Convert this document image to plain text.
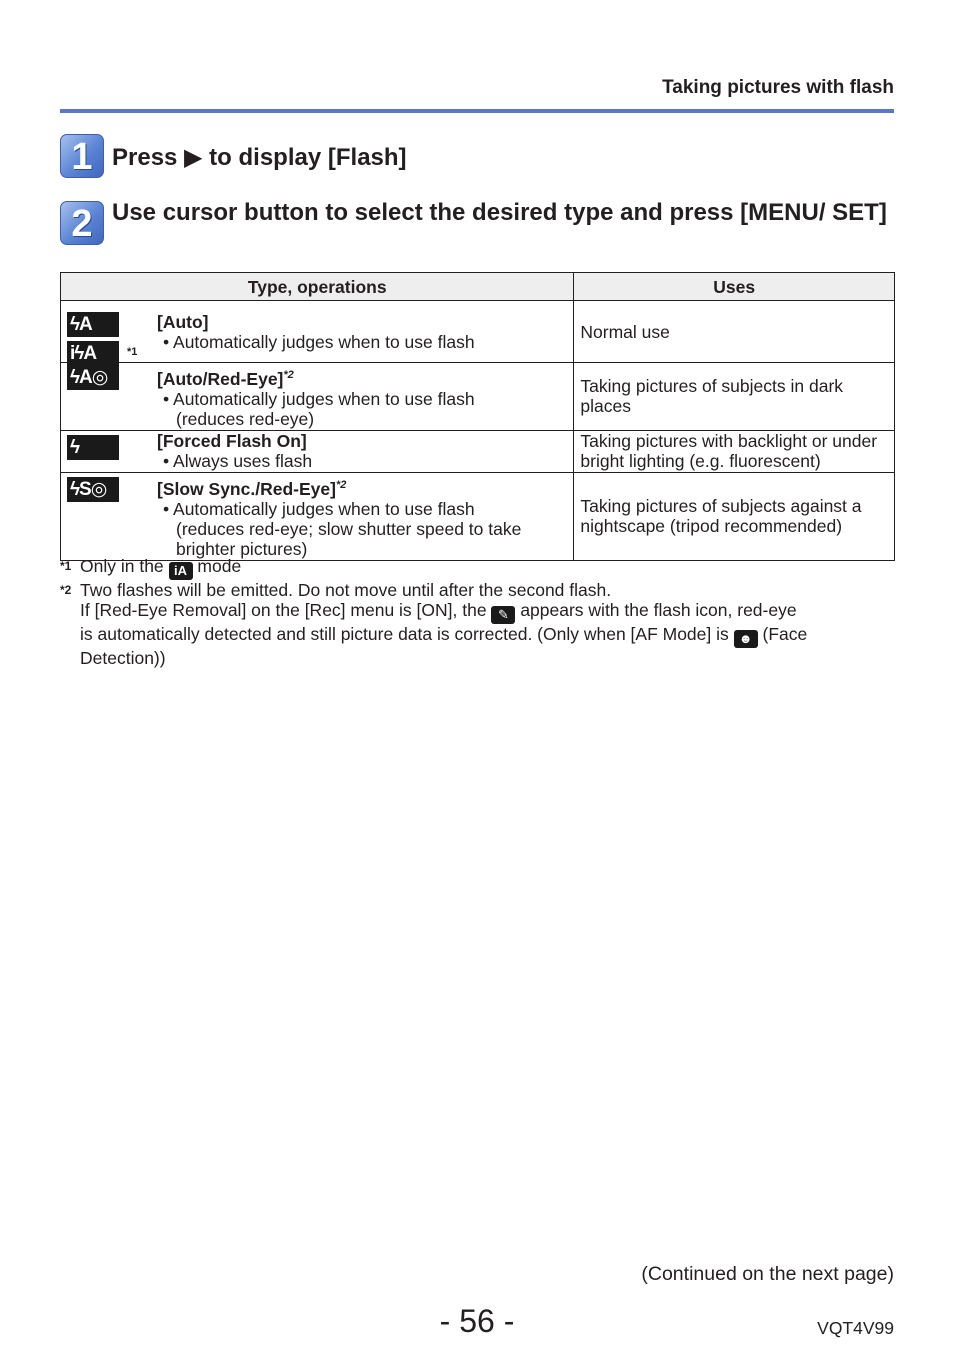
Taking pictures with flash
1 Press ▶ to display [Flash]
2 Use cursor button to select the desired type and press [MENU/ SET]
Type, operations	Uses

ϟA
iϟA *1
[Auto]
• Automatically judges when to use flash	Normal use

ϟA◎ [Auto/Red-Eye]$^{*2}$
• Automatically judges when to use flash
(reduces red-eye)	Taking pictures of subjects in dark places

ϟ [Forced Flash On]
• Always uses flash	Taking pictures with backlight or under bright lighting (e.g. fluorescent)

ϟS◎ [Slow Sync./Red-Eye]$^{*2}$
• Automatically judges when to use flash
(reduces red-eye; slow shutter speed to take brighter pictures)	Taking pictures of subjects against a nightscape (tripod recommended)
*1 Only in the iA mode
*2 Two flashes will be emitted. Do not move until after the second flash.
If [Red-Eye Removal] on the [Rec] menu is [ON], the ✎ appears with the flash icon, red-eye
is automatically detected and still picture data is corrected. (Only when [AF Mode] is ☻ (Face
Detection))
(Continued on the next page)
- 56 -	VQT4V99
